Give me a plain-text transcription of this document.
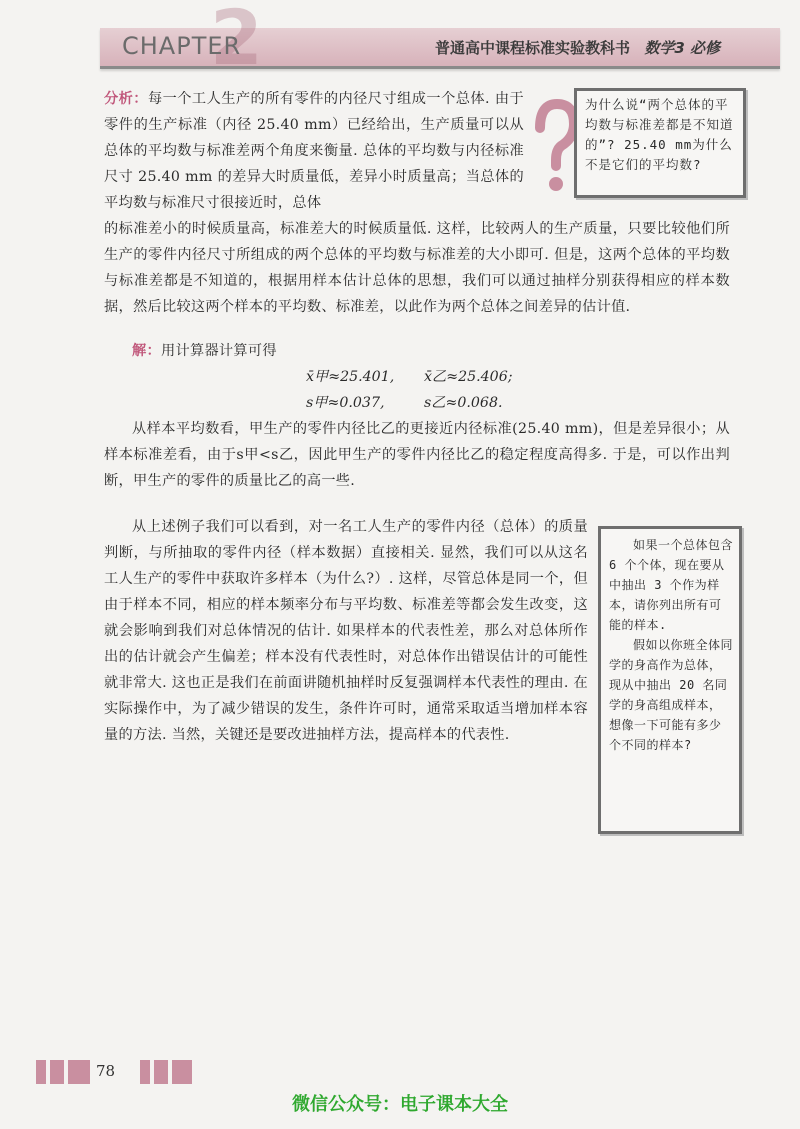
2
CHAPTER	普通高中课程标准实验教科书 数学3 必修
分析：每一个工人生产的所有零件的内径尺寸组成一个总体. 由于零件的生产标准（内径 25.40 mm）已经给出，生产质量可以从总体的平均数与标准差两个角度来衡量. 总体的平均数与内径标准尺寸 25.40 mm 的差异大时质量低，差异小时质量高；当总体的平均数与标准尺寸很接近时，总体
为什么说“两个总体的平均数与标准差都是不知道的”? 25.40 mm为什么不是它们的平均数?
的标准差小的时候质量高，标准差大的时候质量低. 这样，比较两人的生产质量，只要比较他们所生产的零件内径尺寸所组成的两个总体的平均数与标准差的大小即可. 但是，这两个总体的平均数与标准差都是不知道的，根据用样本估计总体的思想，我们可以通过抽样分别获得相应的样本数据，然后比较这两个样本的平均数、标准差，以此作为两个总体之间差异的估计值.
解：用计算器计算可得
x̄甲≈25.401, x̄乙≈25.406;
s甲≈0.037,	s乙≈0.068.
从样本平均数看，甲生产的零件内径比乙的更接近内径标准(25.40 mm)，但是差异很小；从样本标准差看，由于s甲<s乙，因此甲生产的零件内径比乙的稳定程度高得多. 于是，可以作出判断，甲生产的零件的质量比乙的高一些.
从上述例子我们可以看到，对一名工人生产的零件内径（总体）的质量判断，与所抽取的零件内径（样本数据）直接相关. 显然，我们可以从这名工人生产的零件中获取许多样本（为什么?）. 这样，尽管总体是同一个，但由于样本不同，相应的样本频率分布与平均数、标准差等都会发生改变，这就会影响到我们对总体情况的估计. 如果样本的代表性差，那么对总体所作出的估计就会产生偏差；样本没有代表性时，对总体作出错误估计的可能性就非常大. 这也正是我们在前面讲随机抽样时反复强调样本代表性的理由. 在实际操作中，为了减少错误的发生，条件许可时，通常采取适当增加样本容量的方法. 当然，关键还是要改进抽样方法，提高样本的代表性.
如果一个总体包含 6 个个体，现在要从中抽出 3 个作为样本，请你列出所有可能的样本.
假如以你班全体同学的身高作为总体，现从中抽出 20 名同学的身高组成样本，想像一下可能有多少个不同的样本?
78
微信公众号：电子课本大全
